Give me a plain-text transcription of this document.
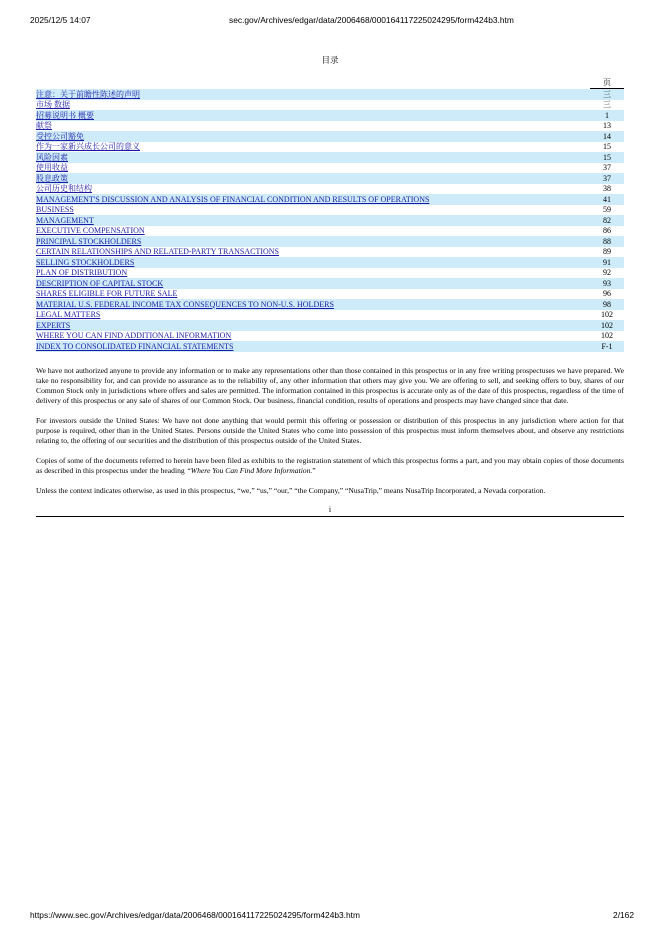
2025/12/5 14:07	sec.gov/Archives/edgar/data/2006468/000164117225024295/form424b3.htm
目录
页
注意：关于前瞻性陈述的声明	三
市场 数据	三
招募说明书 概要	1
献祭	13
受控公司豁免	14
作为一家新兴成长公司的意义	15
风险因素	15
使用收益	37
股息政策	37
公司历史和结构	38
MANAGEMENT'S DISCUSSION AND ANALYSIS OF FINANCIAL CONDITION AND RESULTS OF OPERATIONS	41
BUSINESS	59
MANAGEMENT	82
EXECUTIVE COMPENSATION	86
PRINCIPAL STOCKHOLDERS	88
CERTAIN RELATIONSHIPS AND RELATED-PARTY TRANSACTIONS	89
SELLING STOCKHOLDERS	91
PLAN OF DISTRIBUTION	92
DESCRIPTION OF CAPITAL STOCK	93
SHARES ELIGIBLE FOR FUTURE SALE	96
MATERIAL U.S. FEDERAL INCOME TAX CONSEQUENCES TO NON-U.S. HOLDERS	98
LEGAL MATTERS	102
EXPERTS	102
WHERE YOU CAN FIND ADDITIONAL INFORMATION	102
INDEX TO CONSOLIDATED FINANCIAL STATEMENTS	F-1

We have not authorized anyone to provide any information or to make any representations other than those contained in this prospectus or in any free writing prospectuses we have prepared. We take no responsibility for, and can provide no assurance as to the reliability of, any other information that others may give you. We are offering to sell, and seeking offers to buy, shares of our Common Stock only in jurisdictions where offers and sales are permitted. The information contained in this prospectus is accurate only as of the date of this prospectus, regardless of the time of delivery of this prospectus or any sale of shares of our Common Stock. Our business, financial condition, results of operations and prospects may have changed since that date.

For investors outside the United States: We have not done anything that would permit this offering or possession or distribution of this prospectus in any jurisdiction where action for that purpose is required, other than in the United States. Persons outside the United States who come into possession of this prospectus must inform themselves about, and observe any restrictions relating to, the offering of our securities and the distribution of this prospectus outside of the United States.

Copies of some of the documents referred to herein have been filed as exhibits to the registration statement of which this prospectus forms a part, and you may obtain copies of those documents as described in this prospectus under the heading “Where You Can Find More Information.”

Unless the context indicates otherwise, as used in this prospectus, “we,” “us,” “our,” “the Company,” “NusaTrip,” means NusaTrip Incorporated, a Nevada corporation.

i
https://www.sec.gov/Archives/edgar/data/2006468/000164117225024295/form424b3.htm	2/162
